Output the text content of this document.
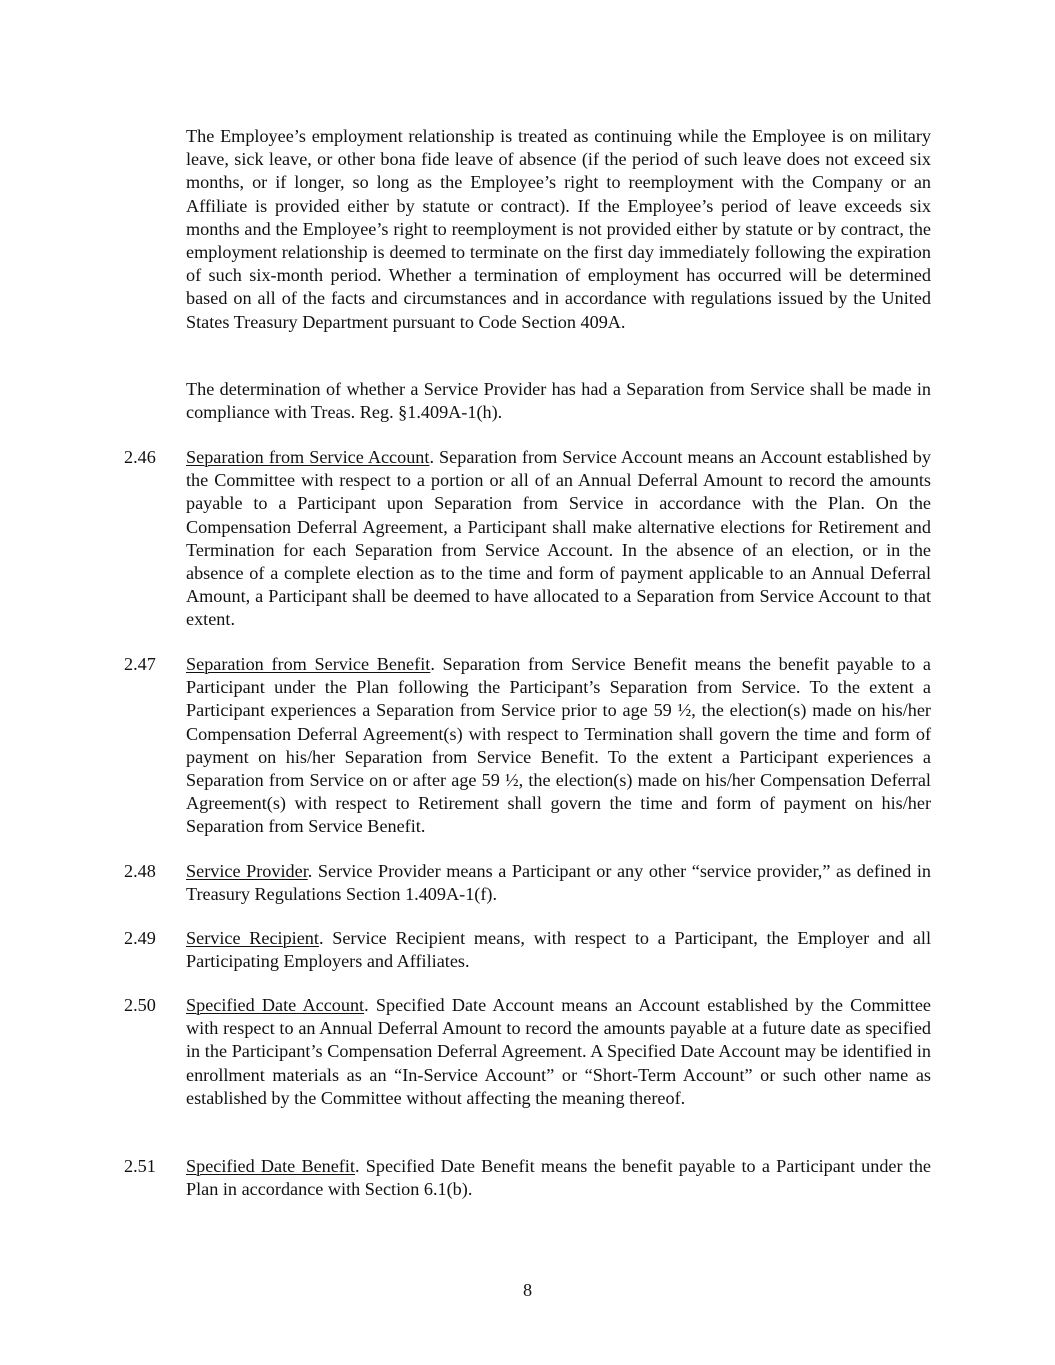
The Employee’s employment relationship is treated as continuing while the Employee is on military leave, sick leave, or other bona fide leave of absence (if the period of such leave does not exceed six months, or if longer, so long as the Employee’s right to reemployment with the Company or an Affiliate is provided either by statute or contract). If the Employee’s period of leave exceeds six months and the Employee’s right to reemployment is not provided either by statute or by contract, the employment relationship is deemed to terminate on the first day immediately following the expiration of such six-month period. Whether a termination of employment has occurred will be determined based on all of the facts and circumstances and in accordance with regulations issued by the United States Treasury Department pursuant to Code Section 409A.

The determination of whether a Service Provider has had a Separation from Service shall be made in compliance with Treas. Reg. §1.409A-1(h).

2.46 Separation from Service Account. Separation from Service Account means an Account established by the Committee with respect to a portion or all of an Annual Deferral Amount to record the amounts payable to a Participant upon Separation from Service in accordance with the Plan. On the Compensation Deferral Agreement, a Participant shall make alternative elections for Retirement and Termination for each Separation from Service Account. In the absence of an election, or in the absence of a complete election as to the time and form of payment applicable to an Annual Deferral Amount, a Participant shall be deemed to have allocated to a Separation from Service Account to that extent.
2.47 Separation from Service Benefit. Separation from Service Benefit means the benefit payable to a Participant under the Plan following the Participant’s Separation from Service. To the extent a Participant experiences a Separation from Service prior to age 59 ½, the election(s) made on his/her Compensation Deferral Agreement(s) with respect to Termination shall govern the time and form of payment on his/her Separation from Service Benefit. To the extent a Participant experiences a Separation from Service on or after age 59 ½, the election(s) made on his/her Compensation Deferral Agreement(s) with respect to Retirement shall govern the time and form of payment on his/her Separation from Service Benefit.
2.48 Service Provider. Service Provider means a Participant or any other “service provider,” as defined in Treasury Regulations Section 1.409A-1(f).
2.49 Service Recipient. Service Recipient means, with respect to a Participant, the Employer and all Participating Employers and Affiliates.
2.50 Specified Date Account. Specified Date Account means an Account established by the Committee with respect to an Annual Deferral Amount to record the amounts payable at a future date as specified in the Participant’s Compensation Deferral Agreement. A Specified Date Account may be identified in enrollment materials as an “In-Service Account” or “Short-Term Account” or such other name as established by the Committee without affecting the meaning thereof.
2.51 Specified Date Benefit. Specified Date Benefit means the benefit payable to a Participant under the Plan in accordance with Section 6.1(b).
8
